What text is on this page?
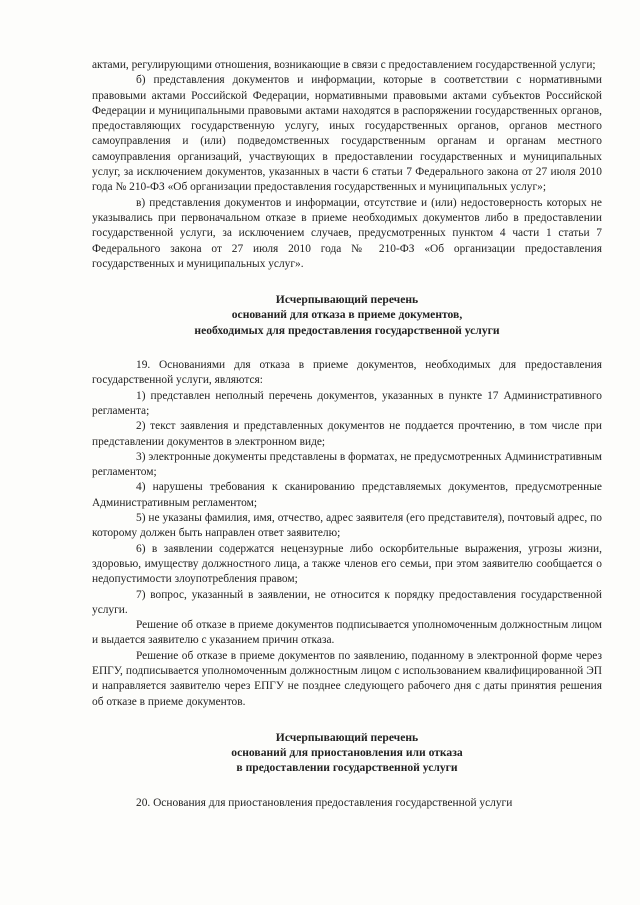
актами, регулирующими отношения, возникающие в связи с предоставлением государственной услуги;

б) представления документов и информации, которые в соответствии с нормативными правовыми актами Российской Федерации, нормативными правовыми актами субъектов Российской Федерации и муниципальными правовыми актами находятся в распоряжении государственных органов, предоставляющих государственную услугу, иных государственных органов, органов местного самоуправления и (или) подведомственных государственным органам и органам местного самоуправления организаций, участвующих в предоставлении государственных и муниципальных услуг, за исключением документов, указанных в части 6 статьи 7 Федерального закона от 27 июля 2010 года № 210-ФЗ «Об организации предоставления государственных и муниципальных услуг»;

в) представления документов и информации, отсутствие и (или) недостоверность которых не указывались при первоначальном отказе в приеме необходимых документов либо в предоставлении государственной услуги, за исключением случаев, предусмотренных пунктом 4 части 1 статьи 7 Федерального закона от 27 июля 2010 года № 210-ФЗ «Об организации предоставления государственных и муниципальных услуг».

Исчерпывающий перечень

оснований для отказа в приеме документов,

необходимых для предоставления государственной услуги

19. Основаниями для отказа в приеме документов, необходимых для предоставления государственной услуги, являются:

1) представлен неполный перечень документов, указанных в пункте 17 Административного регламента;

2) текст заявления и представленных документов не поддается прочтению, в том числе при представлении документов в электронном виде;

3) электронные документы представлены в форматах, не предусмотренных Административным регламентом;

4) нарушены требования к сканированию представляемых документов, предусмотренные Административным регламентом;

5) не указаны фамилия, имя, отчество, адрес заявителя (его представителя), почтовый адрес, по которому должен быть направлен ответ заявителю;

6) в заявлении содержатся нецензурные либо оскорбительные выражения, угрозы жизни, здоровью, имуществу должностного лица, а также членов его семьи, при этом заявителю сообщается о недопустимости злоупотребления правом;

7) вопрос, указанный в заявлении, не относится к порядку предоставления государственной услуги.

Решение об отказе в приеме документов подписывается уполномоченным должностным лицом и выдается заявителю с указанием причин отказа.

Решение об отказе в приеме документов по заявлению, поданному в электронной форме через ЕПГУ, подписывается уполномоченным должностным лицом с использованием квалифицированной ЭП и направляется заявителю через ЕПГУ не позднее следующего рабочего дня с даты принятия решения об отказе в приеме документов.

Исчерпывающий перечень

оснований для приостановления или отказа

в предоставлении государственной услуги

20. Основания для приостановления предоставления государственной услуги
